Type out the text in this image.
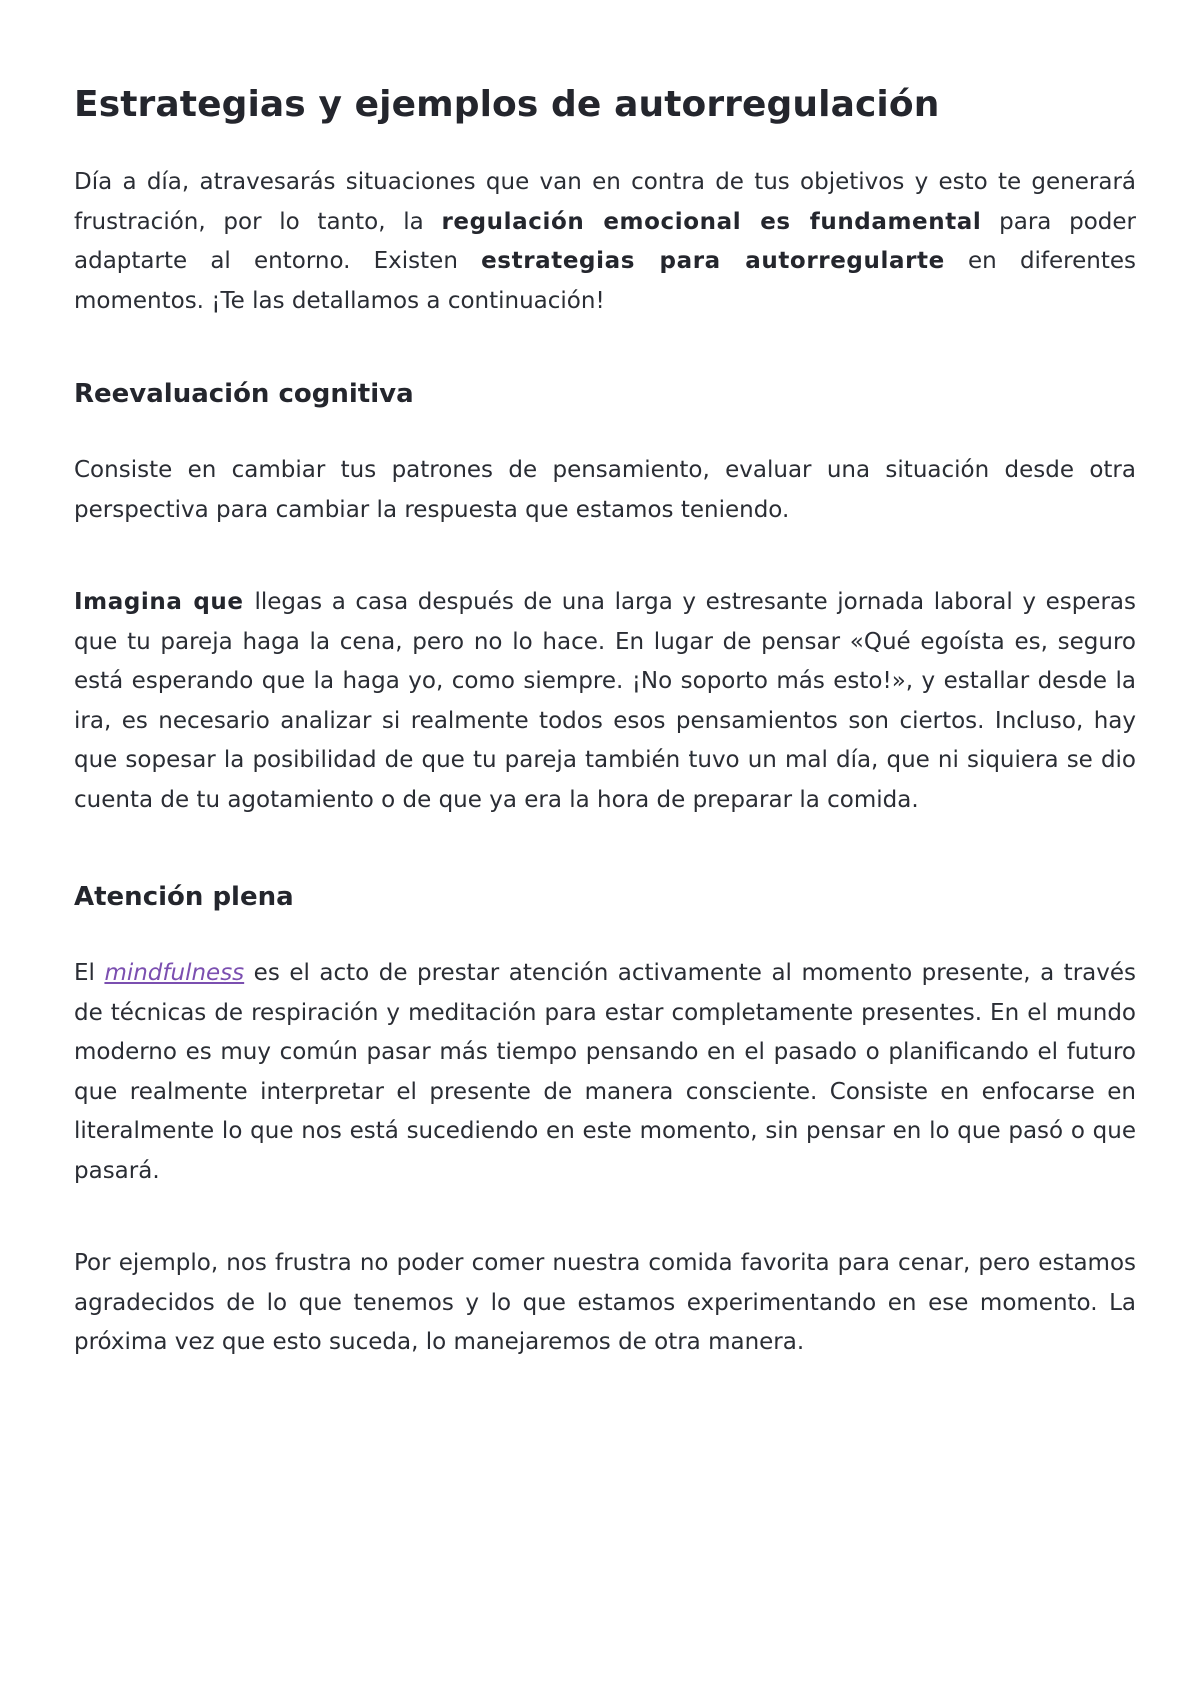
Estrategias y ejemplos de autorregulación

Día a día, atravesarás situaciones que van en contra de tus objetivos y esto te generará frustración, por lo tanto, la regulación emocional es fundamental para poder adaptarte al entorno. Existen estrategias para autorregularte en diferentes momentos. ¡Te las detallamos a continuación!

Reevaluación cognitiva

Consiste en cambiar tus patrones de pensamiento, evaluar una situación desde otra perspectiva para cambiar la respuesta que estamos teniendo.

Imagina que llegas a casa después de una larga y estresante jornada laboral y esperas que tu pareja haga la cena, pero no lo hace. En lugar de pensar «Qué egoísta es, seguro está esperando que la haga yo, como siempre. ¡No soporto más esto!», y estallar desde la ira, es necesario analizar si realmente todos esos pensamientos son ciertos. Incluso, hay que sopesar la posibilidad de que tu pareja también tuvo un mal día, que ni siquiera se dio cuenta de tu agotamiento o de que ya era la hora de preparar la comida.

Atención plena

El mindfulness es el acto de prestar atención activamente al momento presente, a través de técnicas de respiración y meditación para estar completamente presentes. En el mundo moderno es muy común pasar más tiempo pensando en el pasado o planificando el futuro que realmente interpretar el presente de manera consciente. Consiste en enfocarse en literalmente lo que nos está sucediendo en este momento, sin pensar en lo que pasó o que pasará.

Por ejemplo, nos frustra no poder comer nuestra comida favorita para cenar, pero estamos agradecidos de lo que tenemos y lo que estamos experimentando en ese momento. La próxima vez que esto suceda, lo manejaremos de otra manera.
